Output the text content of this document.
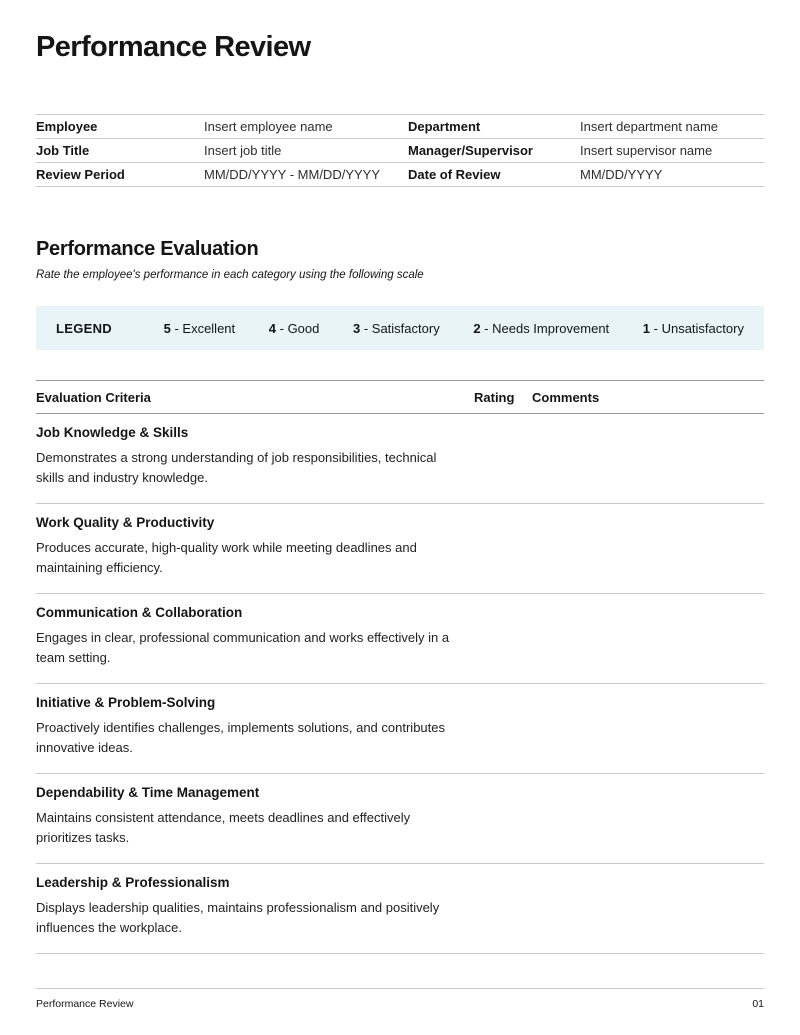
Performance Review
Employee	Insert employee name	Department	Insert department name
Job Title	Insert job title	Manager/Supervisor	Insert supervisor name
Review Period	MM/DD/YYYY - MM/DD/YYYY	Date of Review	MM/DD/YYYY
Performance Evaluation

Rate the employee's performance in each category using the following scale

LEGEND	5 - Excellent	4 - Good	3 - Satisfactory	2 - Needs Improvement	1 - Unsatisfactory
Evaluation Criteria	Rating	Comments
Job Knowledge & Skills

Demonstrates a strong understanding of job responsibilities, technical skills and industry knowledge.

Work Quality & Productivity

Produces accurate, high-quality work while meeting deadlines and maintaining efficiency.

Communication & Collaboration

Engages in clear, professional communication and works effectively in a team setting.

Initiative & Problem-Solving

Proactively identifies challenges, implements solutions, and contributes innovative ideas.

Dependability & Time Management

Maintains consistent attendance, meets deadlines and effectively prioritizes tasks.

Leadership & Professionalism

Displays leadership qualities, maintains professionalism and positively influences the workplace.

Performance Review	01
